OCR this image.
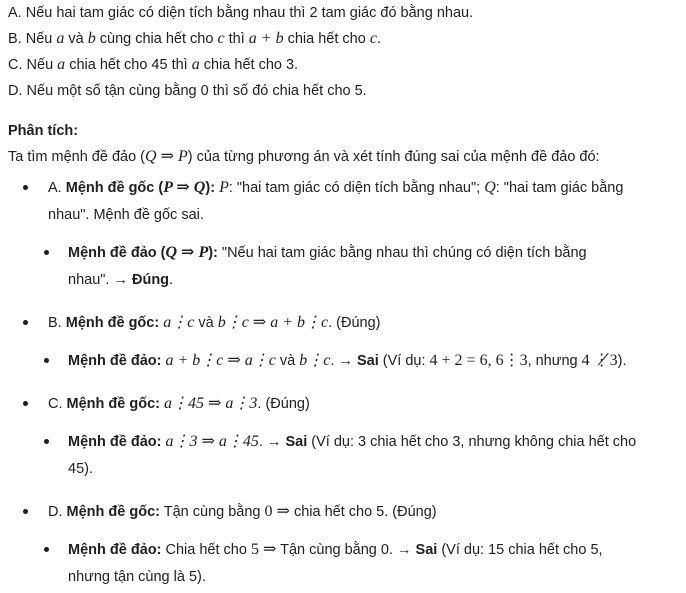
A. Nếu hai tam giác có diện tích bằng nhau thì 2 tam giác đó bằng nhau.
B. Nếu a và b cùng chia hết cho c thì a + b chia hết cho c.
C. Nếu a chia hết cho 45 thì a chia hết cho 3.
D. Nếu một số tận cùng bằng 0 thì số đó chia hết cho 5.
Phân tích:
Ta tìm mệnh đề đảo (Q ⇒ P) của từng phương án và xét tính đúng sai của mệnh đề đảo đó:
A. Mệnh đề gốc (P ⇒ Q): P: "hai tam giác có diện tích bằng nhau"; Q: "hai tam giác bằng
nhau". Mệnh đề gốc sai.
Mệnh đề đảo (Q ⇒ P): "Nếu hai tam giác bằng nhau thì chúng có diện tích bằng
nhau". → Đúng.
B. Mệnh đề gốc: a⋮c và b⋮c ⇒ a + b⋮c. (Đúng)
Mệnh đề đảo: a + b⋮c ⇒ a⋮c và b⋮c. → Sai (Ví dụ: 4 + 2 = 6, 6⋮3, nhưng 4 ⋮̸3).
C. Mệnh đề gốc: a⋮45 ⇒ a⋮3. (Đúng)
Mệnh đề đảo: a⋮3 ⇒ a⋮45. → Sai (Ví dụ: 3 chia hết cho 3, nhưng không chia hết cho
45).
D. Mệnh đề gốc: Tận cùng bằng 0 ⇒ chia hết cho 5. (Đúng)
Mệnh đề đảo: Chia hết cho 5 ⇒ Tận cùng bằng 0. → Sai (Ví dụ: 15 chia hết cho 5,
nhưng tận cùng là 5).
